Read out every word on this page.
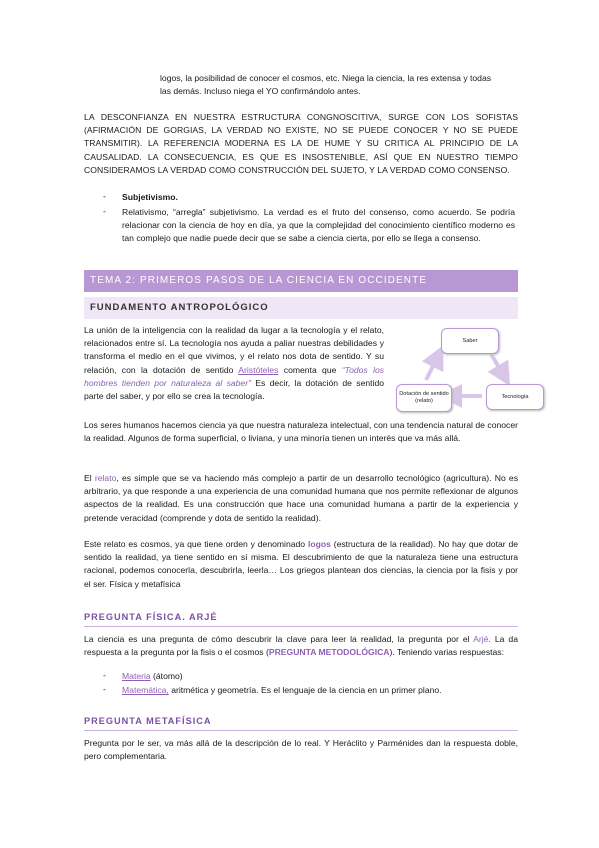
logos, la posibilidad de conocer el cosmos, etc. Niega la ciencia, la res extensa y todas

las demás. Incluso niega el YO confirmándolo antes.

LA DESCONFIANZA EN NUESTRA ESTRUCTURA CONGNOSCITIVA, SURGE CON LOS SOFISTAS (AFIRMACIÓN DE GORGIAS, LA VERDAD NO EXISTE, NO SE PUEDE CONOCER Y NO SE PUEDE TRANSMITIR). LA REFERENCIA MODERNA ES LA DE HUME Y SU CRITICA AL PRINCIPIO DE LA CAUSALIDAD. LA CONSECUENCIA, ES QUE ES INSOSTENIBLE, ASÍ QUE EN NUESTRO TIEMPO CONSIDERAMOS LA VERDAD COMO CONSTRUCCIÓN DEL SUJETO, Y LA VERDAD COMO CONSENSO.

- Subjetivismo.

- Relativismo, “arregla” subjetivismo. La verdad es el fruto del consenso, como acuerdo. Se podría relacionar con la ciencia de hoy en día, ya que la complejidad del conocimiento científico moderno es tan complejo que nadie puede decir que se sabe a ciencia cierta, por ello se llega a consenso.

TEMA 2: PRIMEROS PASOS DE LA CIENCIA EN OCCIDENTE
FUNDAMENTO ANTROPOLÓGICO

La unión de la inteligencia con la realidad da lugar a la tecnología y el relato, relacionados entre sí. La tecnología nos ayuda a paliar nuestras debilidades y transforma el medio en el que vivimos, y el relato nos dota de sentido. Y su relación, con la dotación de sentido Aristóteles comenta que “Todos los hombres tienden por naturaleza al saber” Es decir, la dotación de sentido parte del saber, y por ello se crea la tecnología.

Saber
Tecnología
Dotación de sentido (relato)

Los seres humanos hacemos ciencia ya que nuestra naturaleza intelectual, con una tendencia natural de conocer la realidad. Algunos de forma superficial, o liviana, y una minoría tienen un interés que va más allá.

El relato, es simple que se va haciendo más complejo a partir de un desarrollo tecnológico (agricultura). No es arbitrario, ya que responde a una experiencia de una comunidad humana que nos permite reflexionar de algunos aspectos de la realidad. Es una construcción que hace una comunidad humana a partir de la experiencia y pretende veracidad (comprende y dota de sentido la realidad).

Este relato es cosmos, ya que tiene orden y denominado logos (estructura de la realidad). No hay que dotar de sentido la realidad, ya tiene sentido en sí misma. El descubrimiento de que la naturaleza tiene una estructura racional, podemos conocerla, descubrirla, leerla… Los griegos plantean dos ciencias, la ciencia por la fisis y por el ser. Física y metafísica

PREGUNTA FÍSICA. ARJÉ

La ciencia es una pregunta de cómo descubrir la clave para leer la realidad, la pregunta por el Arjé. La da respuesta a la pregunta por la fisis o el cosmos (PREGUNTA METODOLÓGICA). Teniendo varias respuestas:

- Materia (átomo)

- Matemática, aritmética y geometría. Es el lenguaje de la ciencia en un primer plano.

PREGUNTA METAFÍSICA

Pregunta por le ser, va más allá de la descripción de lo real. Y Heráclito y Parménides dan la respuesta doble, pero complementaria.
